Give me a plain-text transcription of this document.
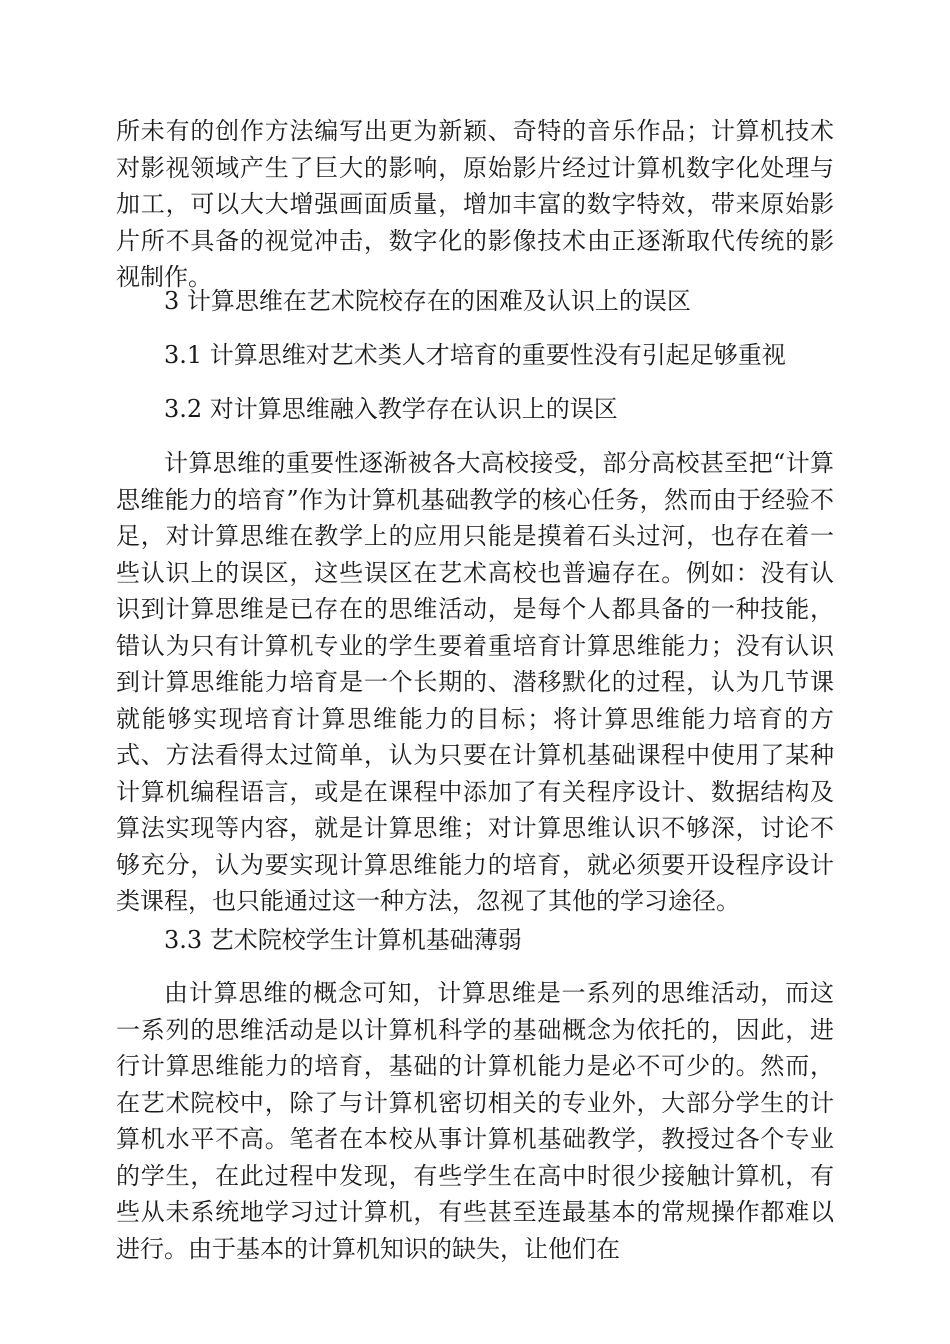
所未有的创作方法编写出更为新颖、奇特的音乐作品；计算机技术对影视领域产生了巨大的影响，原始影片经过计算机数字化处理与加工，可以大大增强画面质量，增加丰富的数字特效，带来原始影片所不具备的视觉冲击，数字化的影像技术由正逐渐取代传统的影视制作。

3 计算思维在艺术院校存在的困难及认识上的误区

3.1 计算思维对艺术类人才培育的重要性没有引起足够重视

3.2 对计算思维融入教学存在认识上的误区

计算思维的重要性逐渐被各大高校接受，部分高校甚至把“计算思维能力的培育”作为计算机基础教学的核心任务，然而由于经验不足，对计算思维在教学上的应用只能是摸着石头过河，也存在着一些认识上的误区，这些误区在艺术高校也普遍存在。例如：没有认识到计算思维是已存在的思维活动，是每个人都具备的一种技能，错认为只有计算机专业的学生要着重培育计算思维能力；没有认识到计算思维能力培育是一个长期的、潜移默化的过程，认为几节课就能够实现培育计算思维能力的目标；将计算思维能力培育的方式、方法看得太过简单，认为只要在计算机基础课程中使用了某种计算机编程语言，或是在课程中添加了有关程序设计、数据结构及算法实现等内容，就是计算思维；对计算思维认识不够深，讨论不够充分，认为要实现计算思维能力的培育，就必须要开设程序设计类课程，也只能通过这一种方法，忽视了其他的学习途径。

3.3 艺术院校学生计算机基础薄弱

由计算思维的概念可知，计算思维是一系列的思维活动，而这一系列的思维活动是以计算机科学的基础概念为依托的，因此，进行计算思维能力的培育，基础的计算机能力是必不可少的。然而，在艺术院校中，除了与计算机密切相关的专业外，大部分学生的计算机水平不高。笔者在本校从事计算机基础教学，教授过各个专业的学生，在此过程中发现，有些学生在高中时很少接触计算机，有些从未系统地学习过计算机，有些甚至连最基本的常规操作都难以进行。由于基本的计算机知识的缺失，让他们在
